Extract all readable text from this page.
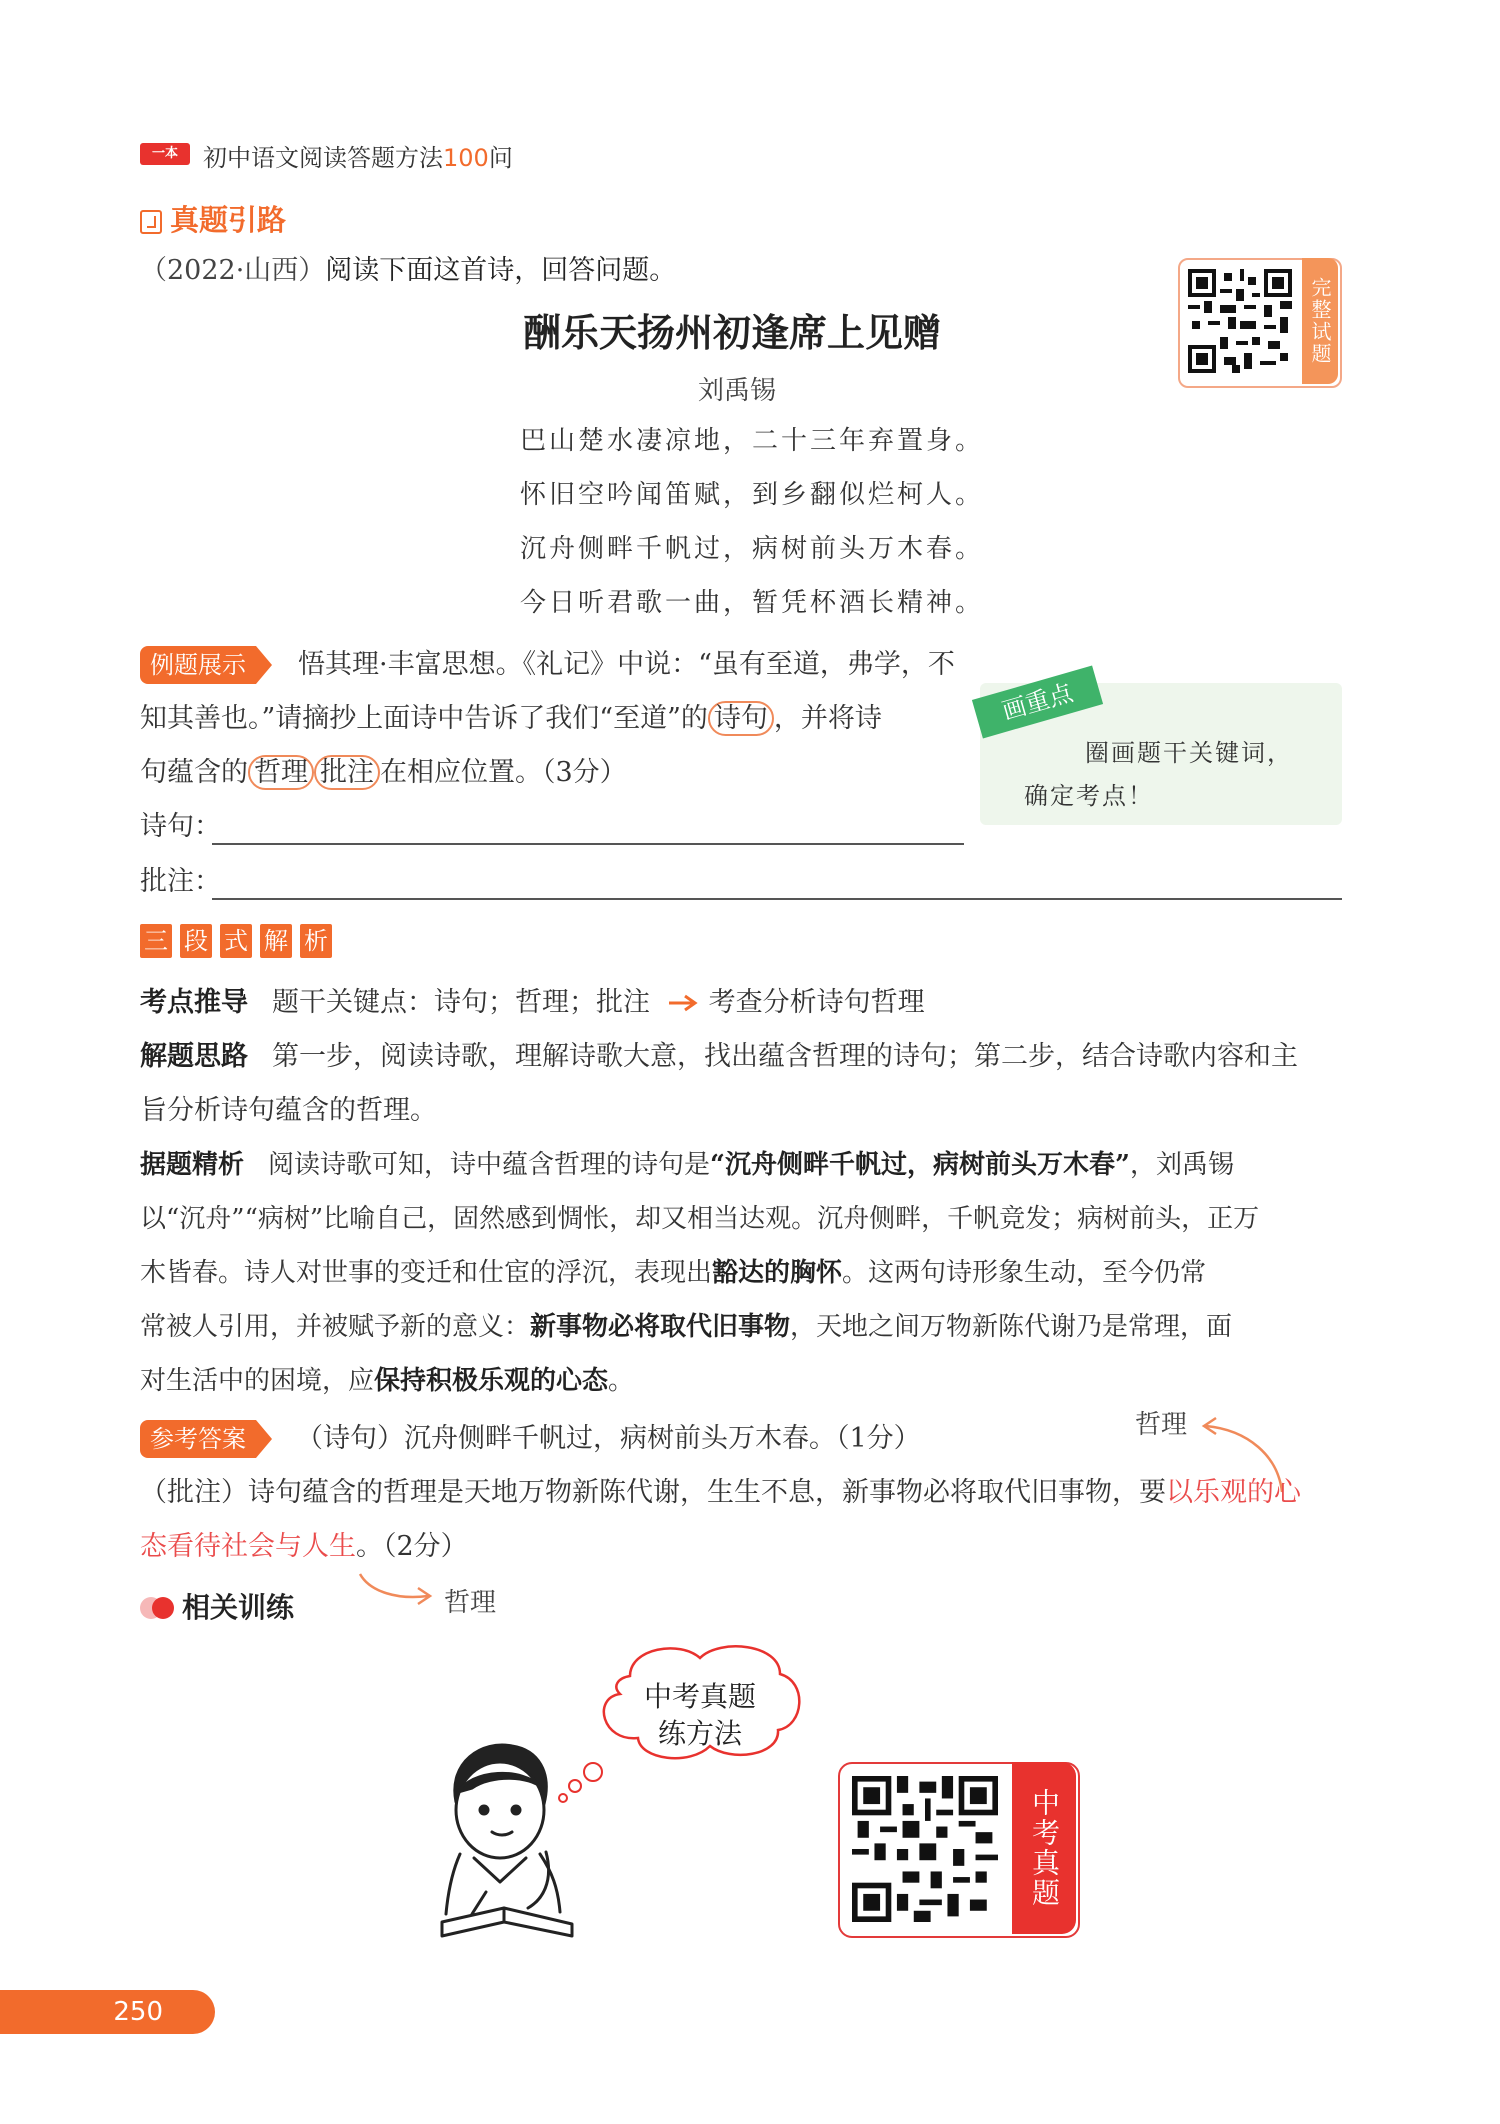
一本	初中语文阅读答题方法100问
真题引路
（2022·山西）阅读下面这首诗，回答问题。
酬乐天扬州初逢席上见赠
刘禹锡
巴山楚水凄凉地，二十三年弃置身。
怀旧空吟闻笛赋，到乡翻似烂柯人。
沉舟侧畔千帆过，病树前头万木春。
今日听君歌一曲，暂凭杯酒长精神。
完整试题
例题展示	悟其理·丰富思想。《礼记》中说：“虽有至道，弗学，不
知其善也。”请摘抄上面诗中告诉了我们“至道”的 诗句 ，并将诗
句蕴含的 哲理 批注 在相应位置。（3分）
诗句：
批注：
画重点
圈画题干关键词，
确定考点！
三 段 式 解 析
考点推导 题干关键点：诗句；哲理；批注 考查分析诗句哲理
解题思路 第一步，阅读诗歌，理解诗歌大意，找出蕴含哲理的诗句；第二步，结合诗歌内容和主
旨分析诗句蕴含的哲理。
据题精析 阅读诗歌可知，诗中蕴含哲理的诗句是“沉舟侧畔千帆过，病树前头万木春”，刘禹锡
以“沉舟”“病树”比喻自己，固然感到惆怅，却又相当达观。沉舟侧畔，千帆竞发；病树前头，正万
木皆春。诗人对世事的变迁和仕宦的浮沉，表现出豁达的胸怀。这两句诗形象生动，至今仍常
常被人引用，并被赋予新的意义：新事物必将取代旧事物，天地之间万物新陈代谢乃是常理，面
对生活中的困境，应保持积极乐观的心态。
参考答案	（诗句）沉舟侧畔千帆过，病树前头万木春。（1分）	哲理
（批注）诗句蕴含的哲理是天地万物新陈代谢，生生不息，新事物必将取代旧事物，要以乐观的心
态看待社会与人生。（2分）
相关训练	哲理
中考真题
练方法
中考真题
250
